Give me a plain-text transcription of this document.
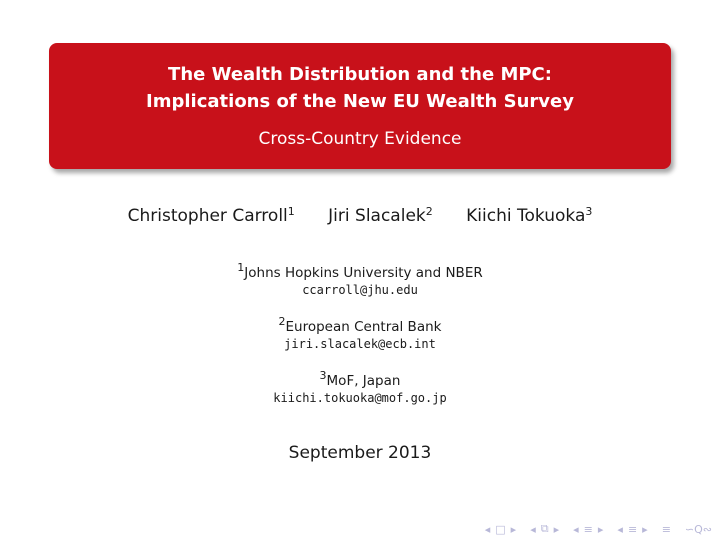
The Wealth Distribution and the MPC:
Implications of the New EU Wealth Survey
Cross-Country Evidence
Christopher Carroll$^1$ Jiri Slacalek$^2$ Kiichi Tokuoka$^3$
$^1$Johns Hopkins University and NBER
ccarroll@jhu.edu
$^2$European Central Bank
jiri.slacalek@ecb.int
$^3$MoF, Japan
kiichi.tokuoka@mof.go.jp
September 2013
◂ □ ▸ ◂ ⧉ ▸ ◂ ≡ ▸ ◂ ≡ ▸ ≡ ∽Q∾
